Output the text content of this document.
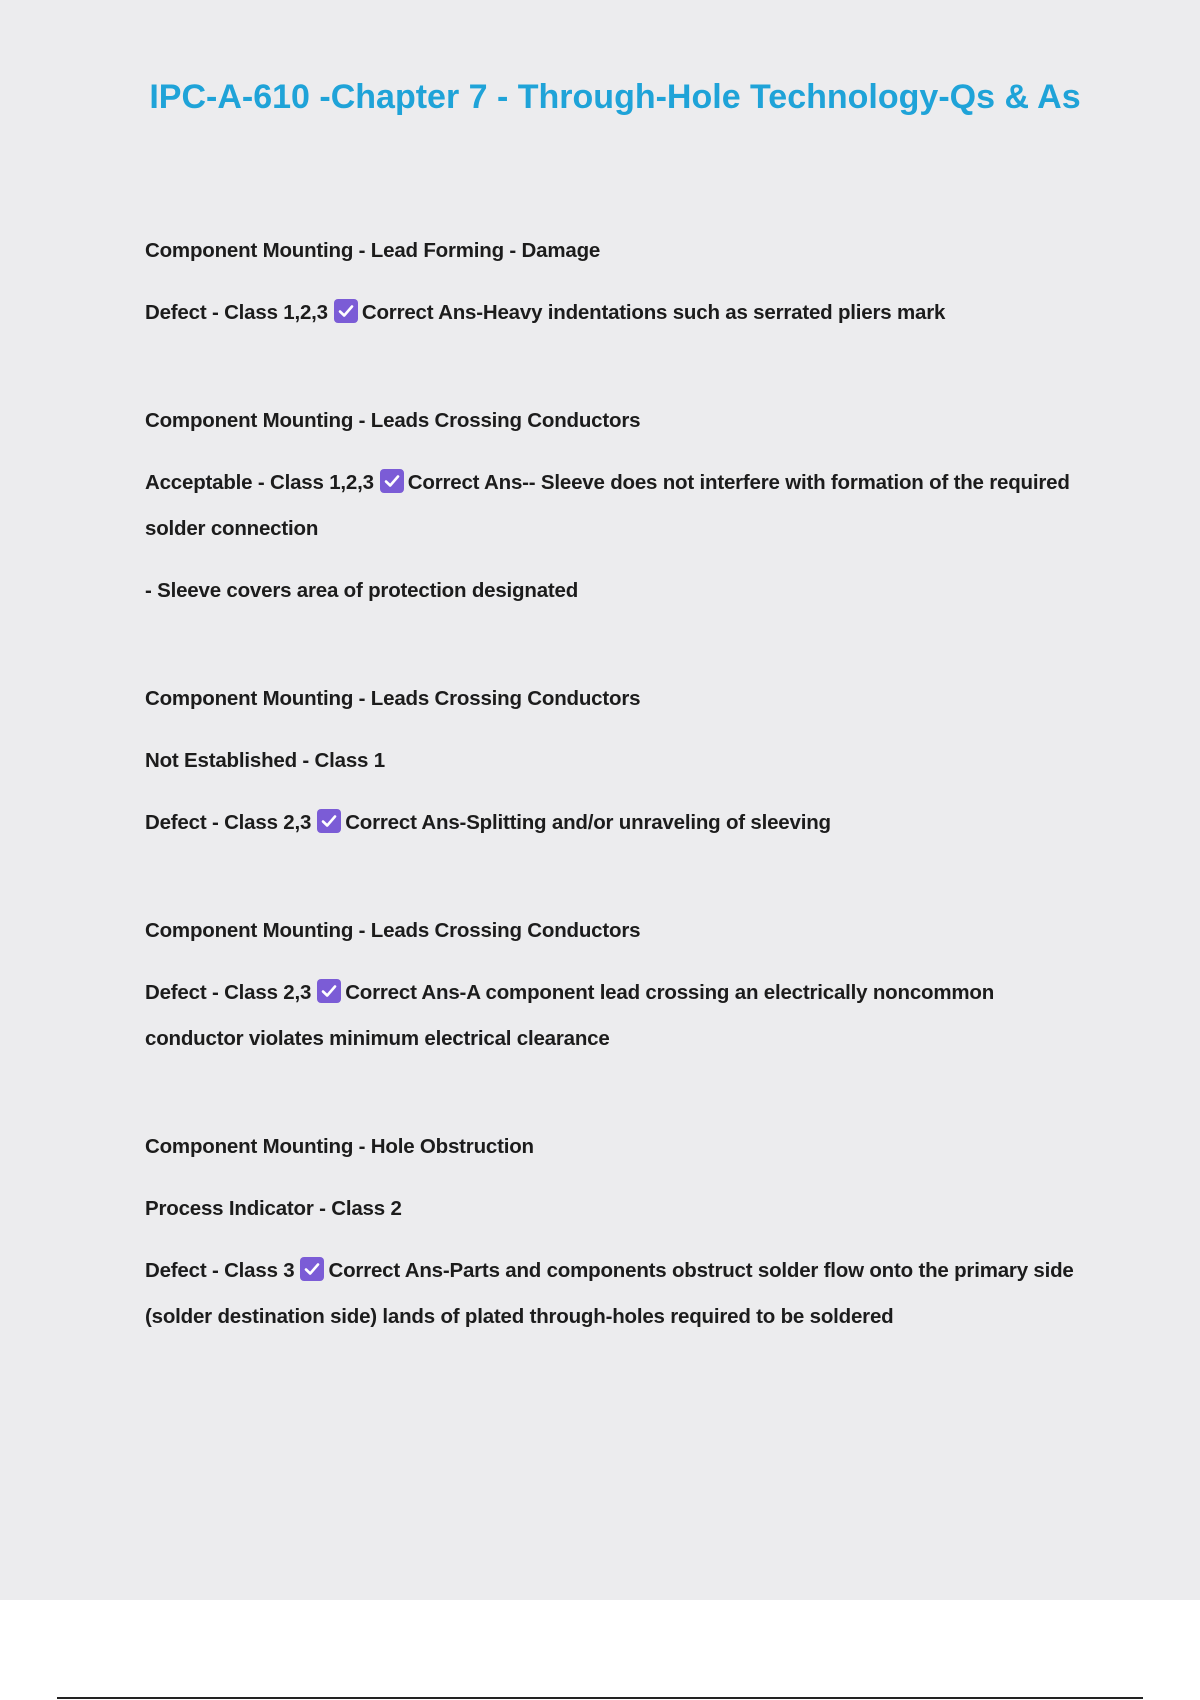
IPC-A-610 -Chapter 7 - Through-Hole Technology-Qs & As

Component Mounting - Lead Forming - Damage

Defect - Class 1,2,3 Correct Ans-Heavy indentations such as serrated pliers mark

Component Mounting - Leads Crossing Conductors

Acceptable - Class 1,2,3 Correct Ans-- Sleeve does not interfere with formation of the required solder connection

- Sleeve covers area of protection designated

Component Mounting - Leads Crossing Conductors

Not Established - Class 1

Defect - Class 2,3 Correct Ans-Splitting and/or unraveling of sleeving

Component Mounting - Leads Crossing Conductors

Defect - Class 2,3 Correct Ans-A component lead crossing an electrically noncommon conductor violates minimum electrical clearance

Component Mounting - Hole Obstruction

Process Indicator - Class 2

Defect - Class 3 Correct Ans-Parts and components obstruct solder flow onto the primary side (solder destination side) lands of plated through-holes required to be soldered
